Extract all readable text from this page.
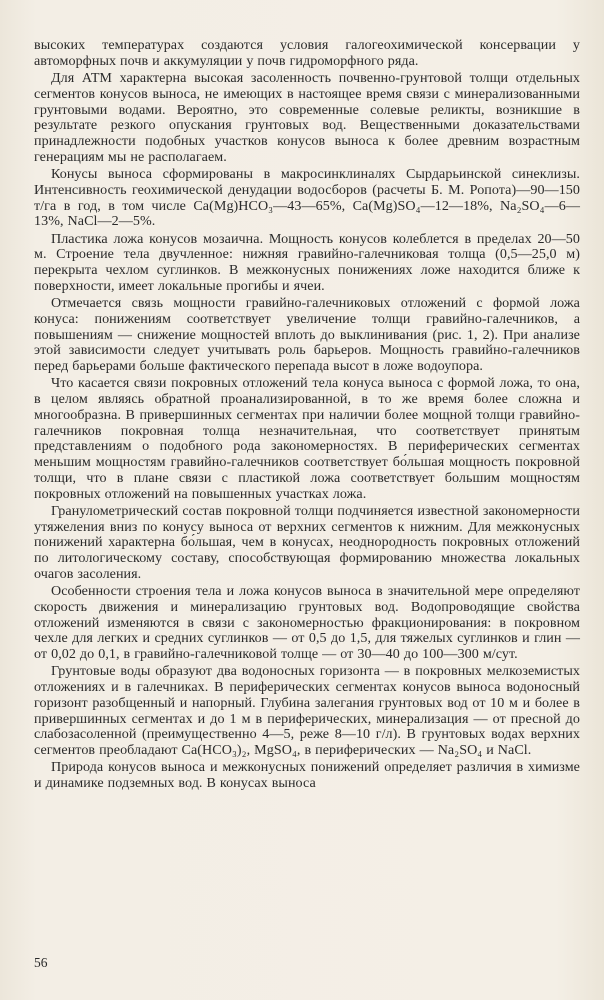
высоких температурах создаются условия галогеохимической консервации у автоморфных почв и аккумуляции у почв гидроморфного ряда.

Для АТМ характерна высокая засоленность почвенно-грунтовой толщи отдельных сегментов конусов выноса, не имеющих в настоящее время связи с минерализованными грунтовыми водами. Вероятно, это современные солевые реликты, возникшие в результате резкого опускания грунтовых вод. Вещественными доказательствами принадлежности подобных участков конусов выноса к более древним возрастным генерациям мы не располагаем.

Конусы выноса сформированы в макросинклиналях Сырдарьинской синеклизы. Интенсивность геохимической денудации водосборов (расчеты Б. М. Ропота)—90—150 т/га в год, в том числе Ca(Mg)HCO₃—43—65%, Ca(Mg)SO₄—12—18%, Na₂SO₄—6—13%, NaCl—2—5%.

Пластика ложа конусов мозаична. Мощность конусов колеблется в пределах 20—50 м. Строение тела двучленное: нижняя гравийно-галечниковая толща (0,5—25,0 м) перекрыта чехлом суглинков. В межконусных понижениях ложе находится ближе к поверхности, имеет локальные прогибы и ячеи.

Отмечается связь мощности гравийно-галечниковых отложений с формой ложа конуса: понижениям соответствует увеличение толщи гравийно-галечников, а повышениям — снижение мощностей вплоть до выклинивания (рис. 1, 2). При анализе этой зависимости следует учитывать роль барьеров. Мощность гравийно-галечников перед барьерами больше фактического перепада высот в ложе водоупора.

Что касается связи покровных отложений тела конуса выноса с формой ложа, то она, в целом являясь обратной проанализированной, в то же время более сложна и многообразна. В привершинных сегментах при наличии более мощной толщи гравийно-галечников покровная толща незначительная, что соответствует принятым представлениям о подобного рода закономерностях. В периферических сегментах меньшим мощностям гравийно-галечников соответствует бо́льшая мощность покровной толщи, что в плане связи с пластикой ложа соответствует большим мощностям покровных отложений на повышенных участках ложа.

Гранулометрический состав покровной толщи подчиняется известной закономерности утяжеления вниз по конусу выноса от верхних сегментов к нижним. Для межконусных понижений характерна бо́льшая, чем в конусах, неоднородность покровных отложений по литологическому составу, способствующая формированию множества локальных очагов засоления.

Особенности строения тела и ложа конусов выноса в значительной мере определяют скорость движения и минерализацию грунтовых вод. Водопроводящие свойства отложений изменяются в связи с закономерностью фракционирования: в покровном чехле для легких и средних суглинков — от 0,5 до 1,5, для тяжелых суглинков и глин — от 0,02 до 0,1, в гравийно-галечниковой толще — от 30—40 до 100—300 м/сут.

Грунтовые воды образуют два водоносных горизонта — в покровных мелкоземистых отложениях и в галечниках. В периферических сегментах конусов выноса водоносный горизонт разобщенный и напорный. Глубина залегания грунтовых вод от 10 м и более в привершинных сегментах и до 1 м в периферических, минерализация — от пресной до слабозасоленной (преимущественно 4—5, реже 8—10 г/л). В грунтовых водах верхних сегментов преобладают Ca(HCO₃)₂, MgSO₄, в периферических — Na₂SO₄ и NaCl.

Природа конусов выноса и межконусных понижений определяет различия в химизме и динамике подземных вод. В конусах выноса

56
